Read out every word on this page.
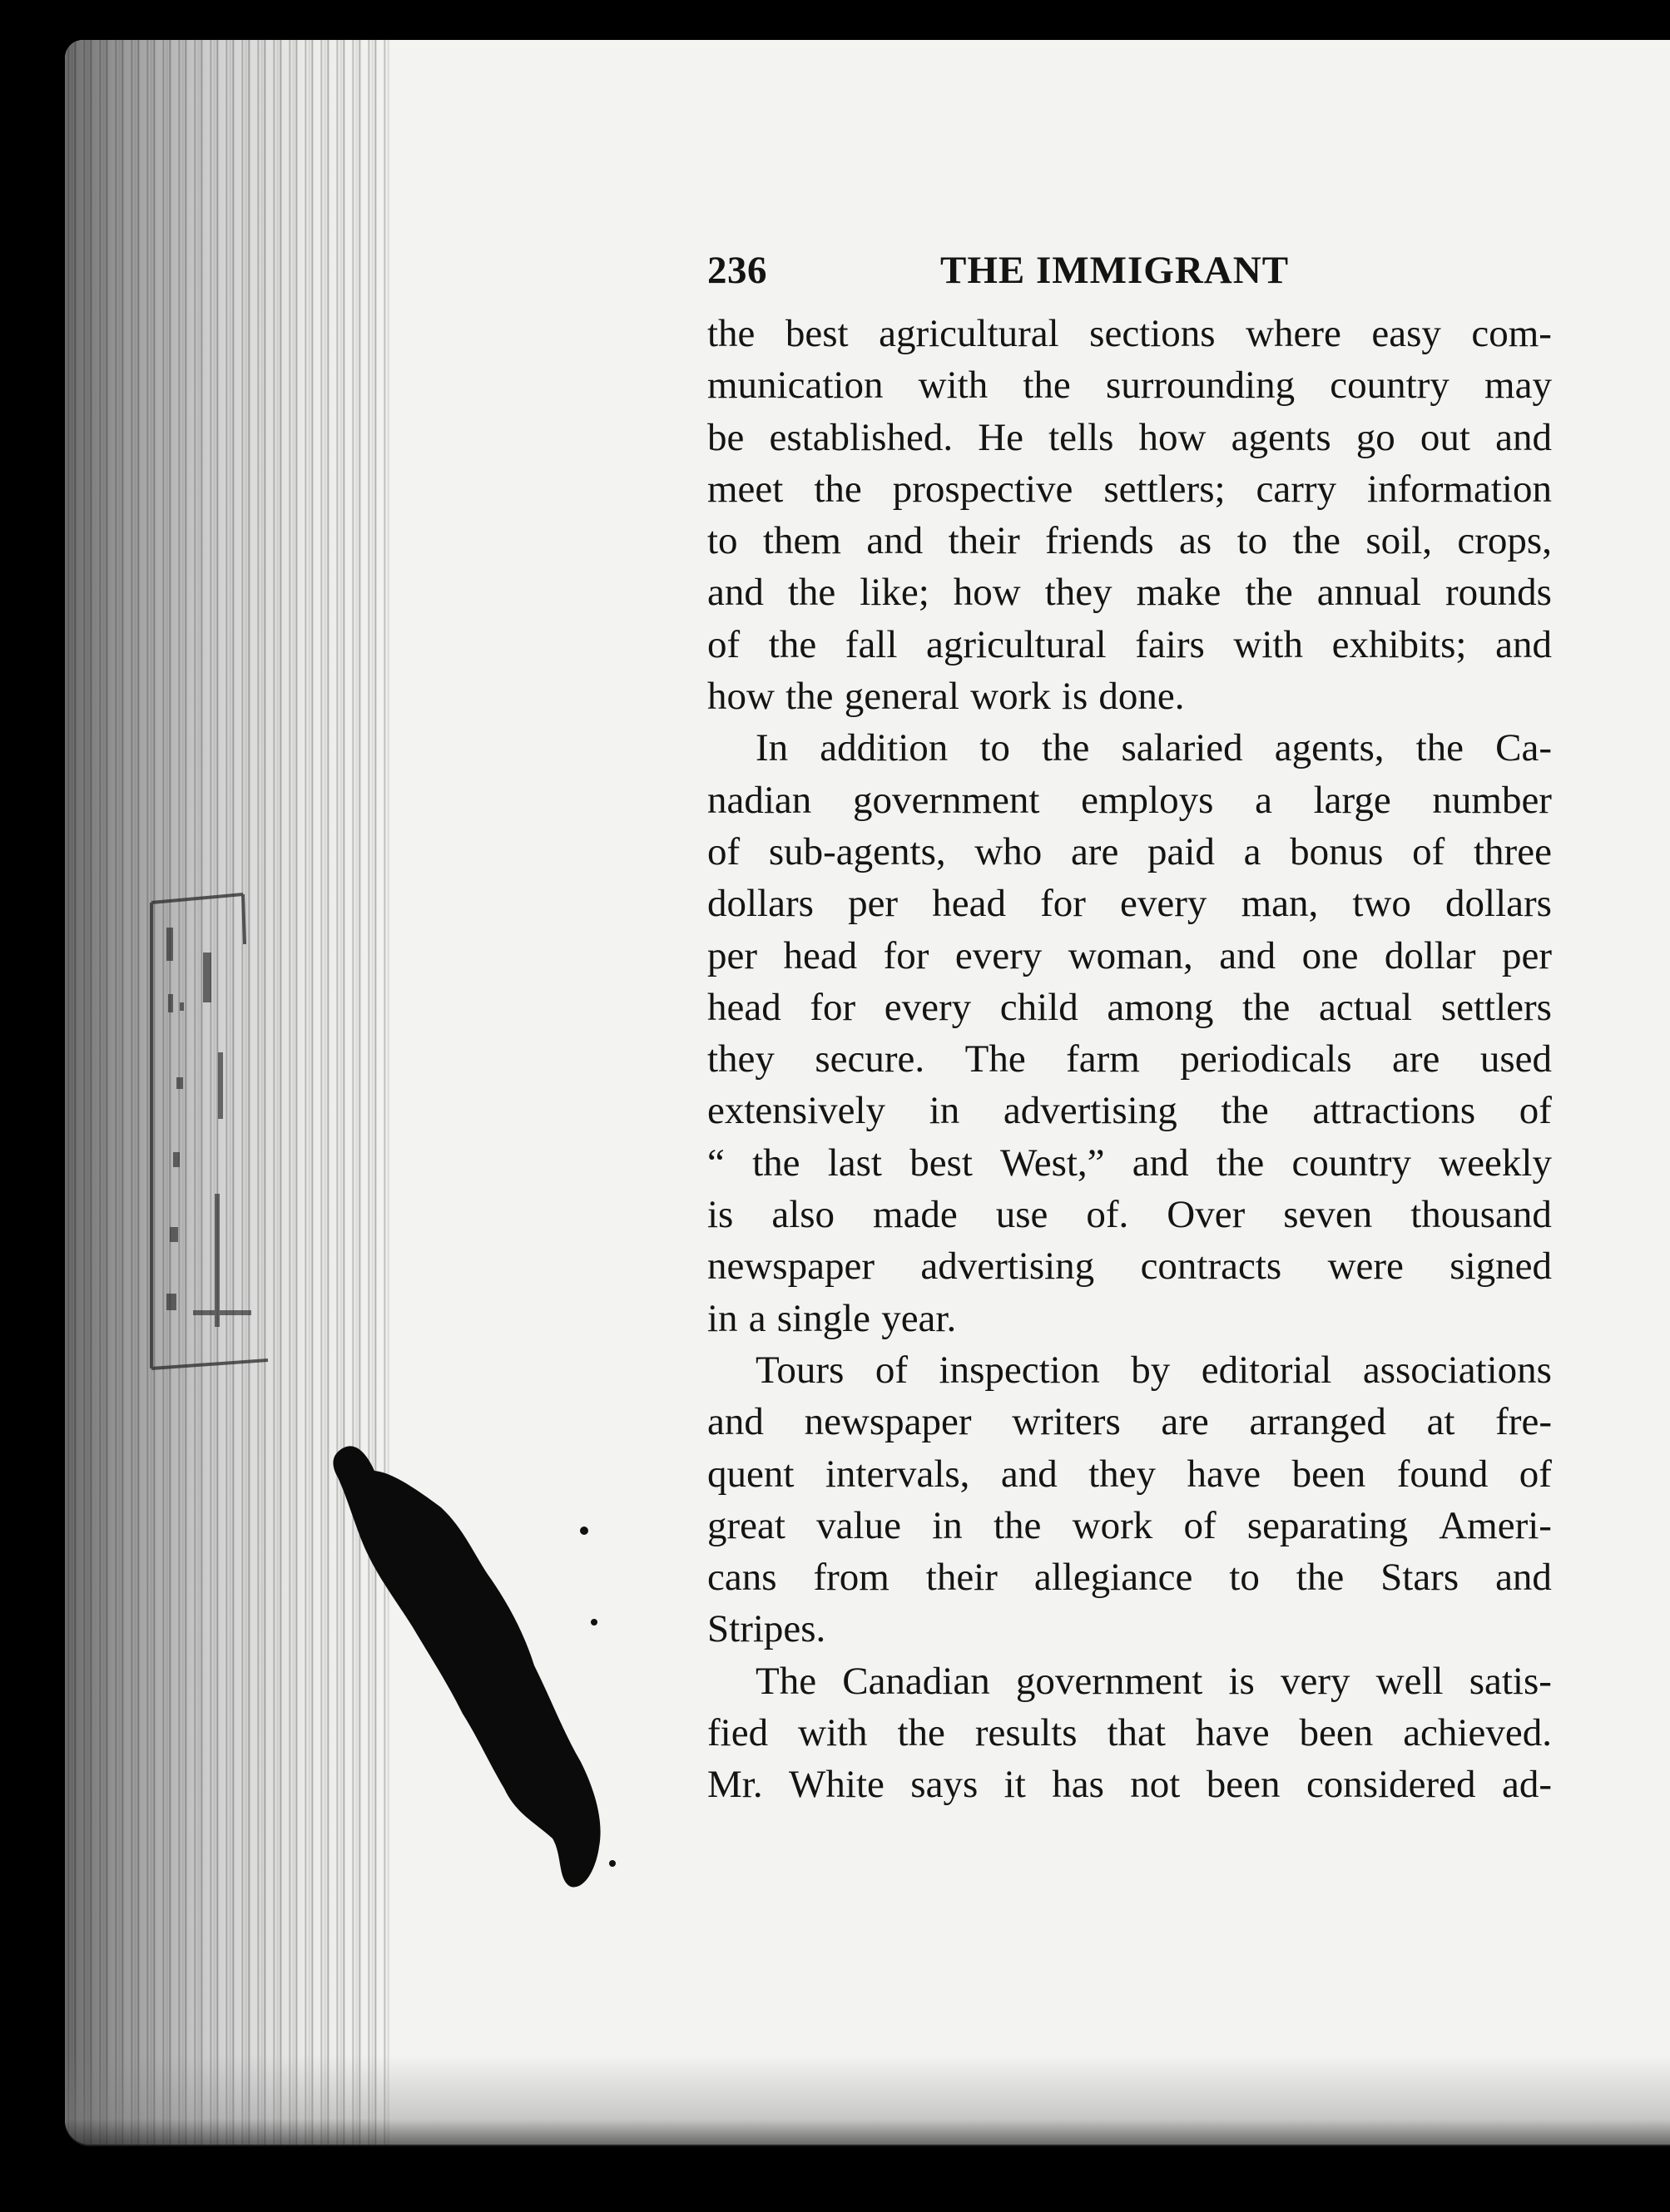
236	THE IMMIGRANT
the best agricultural sections where easy com-
munication with the surrounding country may
be established. He tells how agents go out and
meet the prospective settlers; carry information
to them and their friends as to the soil, crops,
and the like; how they make the annual rounds
of the fall agricultural fairs with exhibits; and
how the general work is done.
In addition to the salaried agents, the Ca-
nadian government employs a large number
of sub-agents, who are paid a bonus of three
dollars per head for every man, two dollars
per head for every woman, and one dollar per
head for every child among the actual settlers
they secure. The farm periodicals are used
extensively in advertising the attractions of
“ the last best West,” and the country weekly
is also made use of. Over seven thousand
newspaper advertising contracts were signed
in a single year.
Tours of inspection by editorial associations
and newspaper writers are arranged at fre-
quent intervals, and they have been found of
great value in the work of separating Ameri-
cans from their allegiance to the Stars and
Stripes.
The Canadian government is very well satis-
fied with the results that have been achieved.
Mr. White says it has not been considered ad-
